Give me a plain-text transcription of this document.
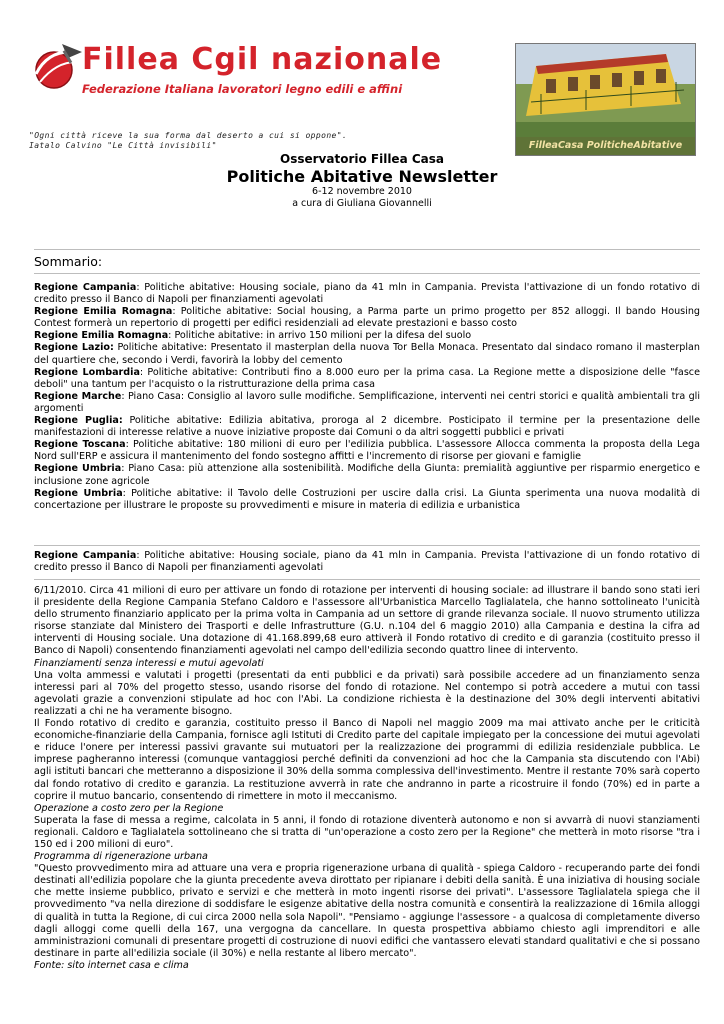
Fillea Cgil nazionale
Federazione Italiana lavoratori legno edili e affini
"Ogni città riceve la sua forma dal deserto a cui si oppone".
Iatalo Calvino "Le Città invisibili"	FilleaCasa PoliticheAbitative
Osservatorio Fillea Casa
Politiche Abitative Newsletter
6-12 novembre 2010
a cura di Giuliana Giovannelli
Sommario:

Regione Campania: Politiche abitative: Housing sociale, piano da 41 mln in Campania. Prevista l'attivazione di un fondo rotativo di credito presso il Banco di Napoli per finanziamenti agevolati

Regione Emilia Romagna: Politiche abitative: Social housing, a Parma parte un primo progetto per 852 alloggi. Il bando Housing Contest formerà un repertorio di progetti per edifici residenziali ad elevate prestazioni e basso costo

Regione Emilia Romagna: Politiche abitative: in arrivo 150 milioni per la difesa del suolo

Regione Lazio: Politiche abitative: Presentato il masterplan della nuova Tor Bella Monaca. Presentato dal sindaco romano il masterplan del quartiere che, secondo i Verdi, favorirà la lobby del cemento

Regione Lombardia: Politiche abitative: Contributi fino a 8.000 euro per la prima casa. La Regione mette a disposizione delle "fasce deboli" una tantum per l'acquisto o la ristrutturazione della prima casa

Regione Marche: Piano Casa: Consiglio al lavoro sulle modifiche. Semplificazione, interventi nei centri storici e qualità ambientali tra gli argomenti

Regione Puglia: Politiche abitative: Edilizia abitativa, proroga al 2 dicembre. Posticipato il termine per la presentazione delle manifestazioni di interesse relative a nuove iniziative proposte dai Comuni o da altri soggetti pubblici e privati

Regione Toscana: Politiche abitative: 180 milioni di euro per l'edilizia pubblica. L'assessore Allocca commenta la proposta della Lega Nord sull'ERP e assicura il mantenimento del fondo sostegno affitti e l'incremento di risorse per giovani e famiglie

Regione Umbria: Piano Casa: più attenzione alla sostenibilità. Modifiche della Giunta: premialità aggiuntive per risparmio energetico e inclusione zone agricole

Regione Umbria: Politiche abitative: il Tavolo delle Costruzioni per uscire dalla crisi. La Giunta sperimenta una nuova modalità di concertazione per illustrare le proposte su provvedimenti e misure in materia di edilizia e urbanistica

Regione Campania: Politiche abitative: Housing sociale, piano da 41 mln in Campania. Prevista l'attivazione di un fondo rotativo di credito presso il Banco di Napoli per finanziamenti agevolati

6/11/2010. Circa 41 milioni di euro per attivare un fondo di rotazione per interventi di housing sociale: ad illustrare il bando sono stati ieri il presidente della Regione Campania Stefano Caldoro e l'assessore all'Urbanistica Marcello Taglialatela, che hanno sottolineato l'unicità dello strumento finanziario applicato per la prima volta in Campania ad un settore di grande rilevanza sociale. Il nuovo strumento utilizza risorse stanziate dal Ministero dei Trasporti e delle Infrastrutture (G.U. n.104 del 6 maggio 2010) alla Campania e destina la cifra ad interventi di Housing sociale. Una dotazione di 41.168.899,68 euro attiverà il Fondo rotativo di credito e di garanzia (costituito presso il Banco di Napoli) consentendo finanziamenti agevolati nel campo dell'edilizia secondo quattro linee di intervento.

Finanziamenti senza interessi e mutui agevolati

Una volta ammessi e valutati i progetti (presentati da enti pubblici e da privati) sarà possibile accedere ad un finanziamento senza interessi pari al 70% del progetto stesso, usando risorse del fondo di rotazione. Nel contempo si potrà accedere a mutui con tassi agevolati grazie a convenzioni stipulate ad hoc con l'Abi. La condizione richiesta è la destinazione del 30% degli interventi abitativi realizzati a chi ne ha veramente bisogno.

Il Fondo rotativo di credito e garanzia, costituito presso il Banco di Napoli nel maggio 2009 ma mai attivato anche per le criticità economiche-finanziarie della Campania, fornisce agli Istituti di Credito parte del capitale impiegato per la concessione dei mutui agevolati e riduce l'onere per interessi passivi gravante sui mutuatori per la realizzazione dei programmi di edilizia residenziale pubblica. Le imprese pagheranno interessi (comunque vantaggiosi perché definiti da convenzioni ad hoc che la Campania sta discutendo con l'Abi) agli istituti bancari che metteranno a disposizione il 30% della somma complessiva dell'investimento. Mentre il restante 70% sarà coperto dal fondo rotativo di credito e garanzia. La restituzione avverrà in rate che andranno in parte a ricostruire il fondo (70%) ed in parte a coprire il mutuo bancario, consentendo di rimettere in moto il meccanismo.

Operazione a costo zero per la Regione

Superata la fase di messa a regime, calcolata in 5 anni, il fondo di rotazione diventerà autonomo e non si avvarrà di nuovi stanziamenti regionali. Caldoro e Taglialatela sottolineano che si tratta di "un'operazione a costo zero per la Regione" che metterà in moto risorse "tra i 150 ed i 200 milioni di euro".

Programma di rigenerazione urbana

"Questo provvedimento mira ad attuare una vera e propria rigenerazione urbana di qualità - spiega Caldoro - recuperando parte dei fondi destinati all'edilizia popolare che la giunta precedente aveva dirottato per ripianare i debiti della sanità. È una iniziativa di housing sociale che mette insieme pubblico, privato e servizi e che metterà in moto ingenti risorse dei privati". L'assessore Taglialatela spiega che il provvedimento "va nella direzione di soddisfare le esigenze abitative della nostra comunità e consentirà la realizzazione di 16mila alloggi di qualità in tutta la Regione, di cui circa 2000 nella sola Napoli". "Pensiamo - aggiunge l'assessore - a qualcosa di completamente diverso dagli alloggi come quelli della 167, una vergogna da cancellare. In questa prospettiva abbiamo chiesto agli imprenditori e alle amministrazioni comunali di presentare progetti di costruzione di nuovi edifici che vantassero elevati standard qualitativi e che si possano destinare in parte all'edilizia sociale (il 30%) e nella restante al libero mercato".

Fonte: sito internet casa e clima
